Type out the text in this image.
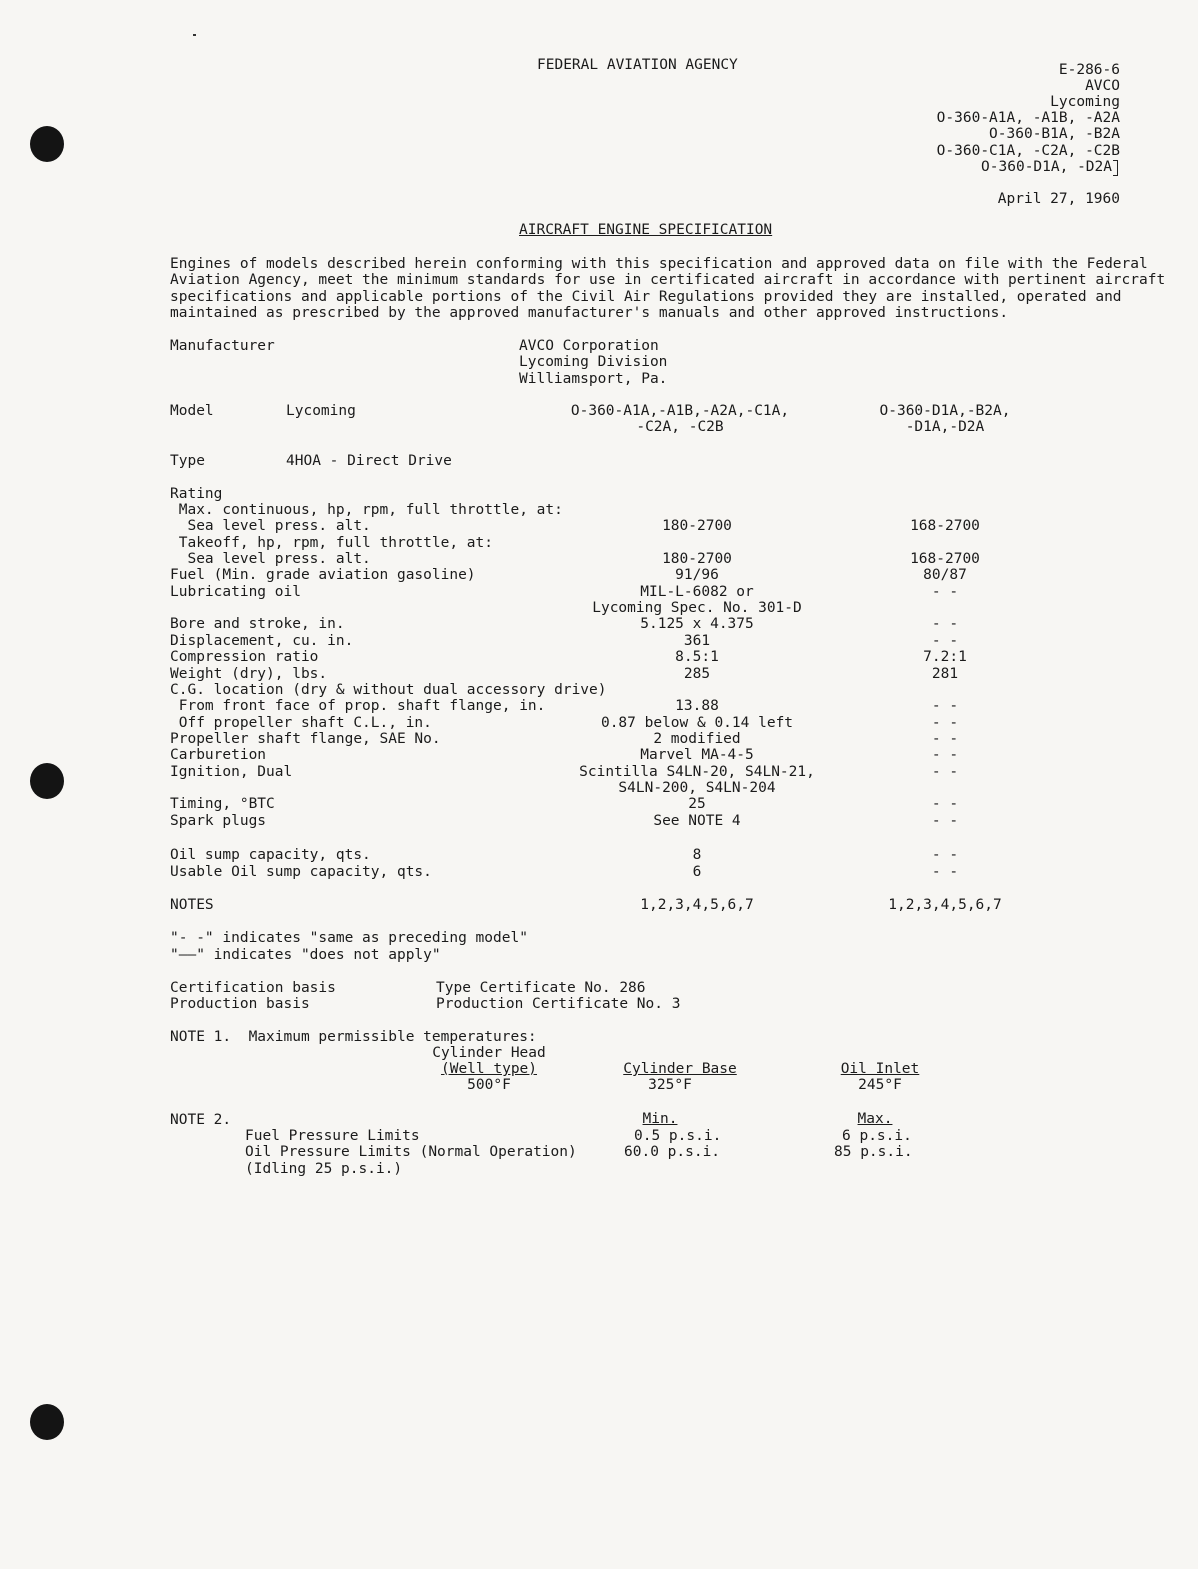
FEDERAL AVIATION AGENCY	E-286-6
AVCO
Lycoming
O-360-A1A, -A1B, -A2A
O-360-B1A, -B2A
O-360-C1A, -C2A, -C2B
O-360-D1A, -D2A
April 27, 1960
AIRCRAFT ENGINE SPECIFICATION
Engines of models described herein conforming with this specification and approved data on file with the Federal
Aviation Agency, meet the minimum standards for use in certificated aircraft in accordance with pertinent aircraft
specifications and applicable portions of the Civil Air Regulations provided they are installed, operated and
maintained as prescribed by the approved manufacturer's manuals and other approved instructions.
Manufacturer	AVCO Corporation
Lycoming Division
Williamsport, Pa.
Model	Lycoming	O-360-A1A,-A1B,-A2A,-C1A,
-C2A, -C2B
O-360-D1A,-B2A,
-D1A,-D2A
Type	4HOA - Direct Drive
Rating
Max. continuous, hp, rpm, full throttle, at:
Sea level press. alt.	180-2700	168-2700
Takeoff, hp, rpm, full throttle, at:
Sea level press. alt.	180-2700	168-2700
Fuel (Min. grade aviation gasoline)	91/96	80/87
Lubricating oil	MIL-L-6082 or	- -
Lycoming Spec. No. 301-D
Bore and stroke, in.	5.125 x 4.375	- -
Displacement, cu. in.	361	- -
Compression ratio	8.5:1	7.2:1
Weight (dry), lbs.	285	281
C.G. location (dry & without dual accessory drive)
From front face of prop. shaft flange, in.	13.88	- -
Off propeller shaft C.L., in.	0.87 below & 0.14 left	- -
Propeller shaft flange, SAE No.	2 modified	- -
Carburetion	Marvel MA-4-5	- -
Ignition, Dual	Scintilla S4LN-20, S4LN-21,	- -
S4LN-200, S4LN-204
Timing, °BTC	25	- -
Spark plugs	See NOTE 4	- -
Oil sump capacity, qts.	8	- -
Usable Oil sump capacity, qts.	6	- -
NOTES	1,2,3,4,5,6,7	1,2,3,4,5,6,7
"- -" indicates "same as preceding model"
"——" indicates "does not apply"
Certification basis	Type Certificate No. 286
Production basis	Production Certificate No. 3
NOTE 1.  Maximum permissible temperatures:
Cylinder Head
(Well type)	Cylinder Base	Oil Inlet
500°F	325°F	245°F
NOTE 2.	Min.	Max.
Fuel Pressure Limits	0.5 p.s.i.	6 p.s.i.
Oil Pressure Limits (Normal Operation)	60.0 p.s.i.	85 p.s.i.
(Idling 25 p.s.i.)
